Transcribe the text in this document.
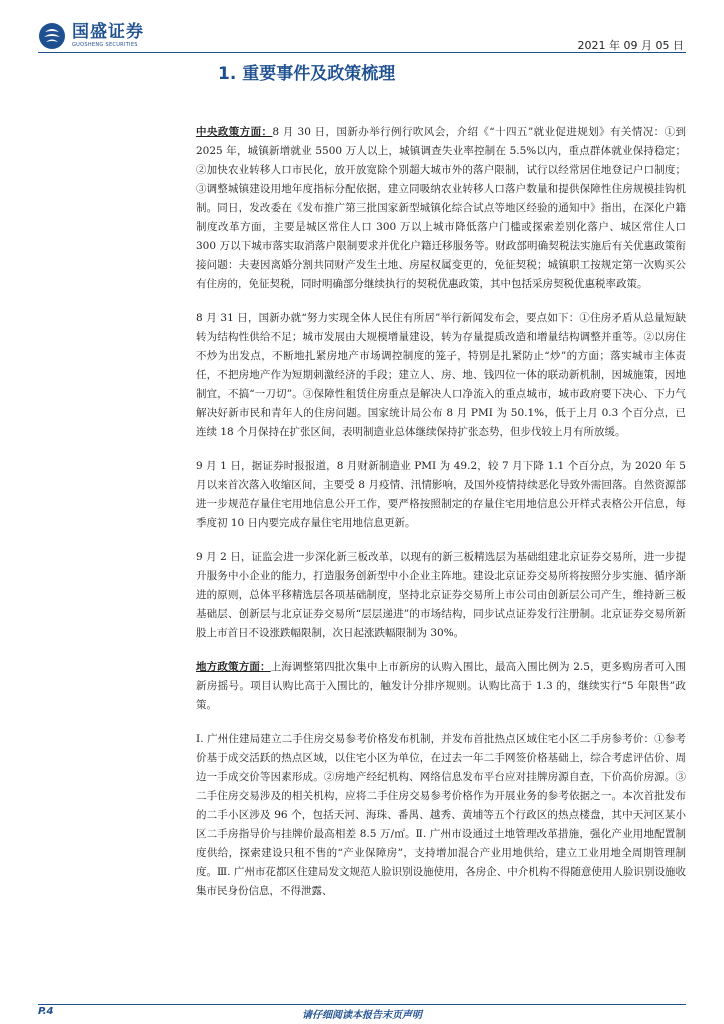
国盛证券
GUOSHENG SECURITIES	2021 年 09 月 05 日
1. 重要事件及政策梳理

中央政策方面：8 月 30 日，国新办举行例行吹风会，介绍《“十四五”就业促进规划》有关情况：①到 2025 年，城镇新增就业 5500 万人以上，城镇调查失业率控制在 5.5%以内，重点群体就业保持稳定；②加快农业转移人口市民化，放开放宽除个别超大城市外的落户限制，试行以经常居住地登记户口制度；③调整城镇建设用地年度指标分配依据，建立同吸纳农业转移人口落户数量和提供保障性住房规模挂钩机制。同日，发改委在《发布推广第三批国家新型城镇化综合试点等地区经验的通知中》指出，在深化户籍制度改革方面，主要是城区常住人口 300 万以上城市降低落户门槛或探索差别化落户、城区常住人口 300 万以下城市落实取消落户限制要求并优化户籍迁移服务等。财政部明确契税法实施后有关优惠政策衔接问题：夫妻因离婚分割共同财产发生土地、房屋权属变更的，免征契税；城镇职工按规定第一次购买公有住房的，免征契税，同时明确部分继续执行的契税优惠政策，其中包括采房契税优惠税率政策。

8 月 31 日，国新办就“努力实现全体人民住有所居”举行新闻发布会，要点如下：①住房矛盾从总量短缺转为结构性供给不足；城市发展由大规模增量建设，转为存量提质改造和增量结构调整并重等。②以房住不炒为出发点，不断地扎紧房地产市场调控制度的笼子，特别是扎紧防止“炒”的方面；落实城市主体责任，不把房地产作为短期刺激经济的手段；建立人、房、地、钱四位一体的联动新机制，因城施策，因地制宜，不搞“一刀切”。③保障性租赁住房重点是解决人口净流入的重点城市，城市政府要下决心、下力气解决好新市民和青年人的住房问题。国家统计局公布 8 月 PMI 为 50.1%，低于上月 0.3 个百分点，已连续 18 个月保持在扩张区间，表明制造业总体继续保持扩张态势，但步伐较上月有所放缓。

9 月 1 日，据证券时报报道，8 月财新制造业 PMI 为 49.2，较 7 月下降 1.1 个百分点，为 2020 年 5 月以来首次落入收缩区间，主要受 8 月疫情、汛情影响，及国外疫情持续恶化导致外需回落。自然资源部进一步规范存量住宅用地信息公开工作，要严格按照制定的存量住宅用地信息公开样式表格公开信息，每季度初 10 日内要完成存量住宅用地信息更新。

9 月 2 日，证监会进一步深化新三板改革，以现有的新三板精选层为基础组建北京证券交易所，进一步提升服务中小企业的能力，打造服务创新型中小企业主阵地。建设北京证券交易所将按照分步实施、循序渐进的原则，总体平移精选层各项基础制度，坚持北京证券交易所上市公司由创新层公司产生，维持新三板基础层、创新层与北京证券交易所“层层递进”的市场结构，同步试点证券发行注册制。北京证券交易所新股上市首日不设涨跌幅限制，次日起涨跌幅限制为 30%。

地方政策方面：上海调整第四批次集中上市新房的认购入围比，最高入围比例为 2.5，更多购房者可入围新房摇号。项目认购比高于入围比的，触发计分排序规则。认购比高于 1.3 的，继续实行“5 年限售”政策。

Ⅰ. 广州住建局建立二手住房交易参考价格发布机制，并发布首批热点区域住宅小区二手房参考价：①参考价基于成交活跃的热点区域，以住宅小区为单位，在过去一年二手网签价格基础上，综合考虑评估价、周边一手成交价等因素形成。②房地产经纪机构、网络信息发布平台应对挂牌房源自查，下价高价房源。③二手住房交易涉及的相关机构，应将二手住房交易参考价格作为开展业务的参考依据之一。本次首批发布的二手小区涉及 96 个，包括天河、海珠、番禺、越秀、黄埔等五个行政区的热点楼盘，其中天河区某小区二手房指导价与挂牌价最高相差 8.5 万/㎡。Ⅱ. 广州市设通过土地管理改革措施，强化产业用地配置制度供给，探索建设只租不售的“产业保障房”，支持增加混合产业用地供给，建立工业用地全周期管理制度。Ⅲ. 广州市花都区住建局发文规范人脸识别设施使用，各房企、中介机构不得随意使用人脸识别设施收集市民身份信息，不得泄露、

P.4	请仔细阅读本报告末页声明
